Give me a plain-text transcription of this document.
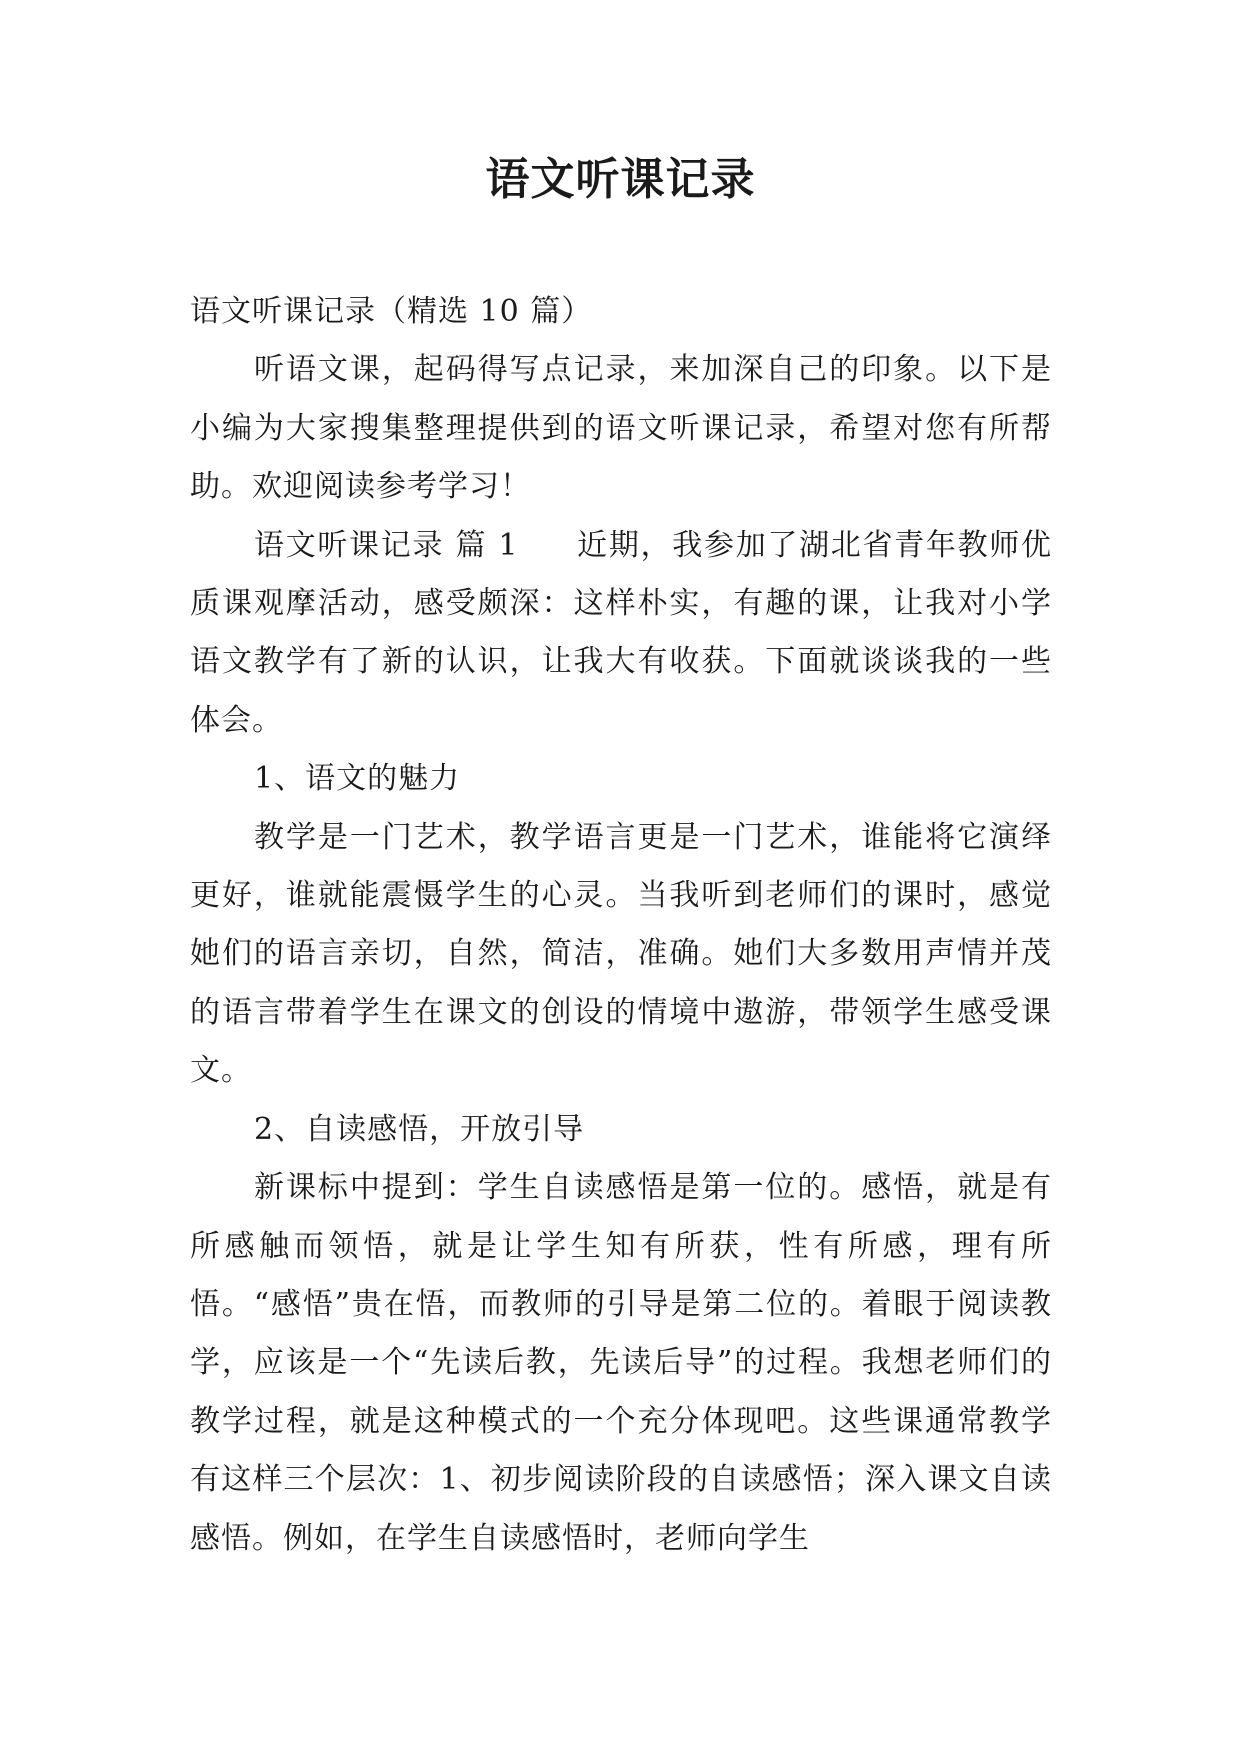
语文听课记录

语文听课记录（精选 10 篇）

听语文课，起码得写点记录，来加深自己的印象。以下是小编为大家搜集整理提供到的语文听课记录，希望对您有所帮助。欢迎阅读参考学习！

语文听课记录 篇 1 近期，我参加了湖北省青年教师优质课观摩活动，感受颇深：这样朴实，有趣的课，让我对小学语文教学有了新的认识，让我大有收获。下面就谈谈我的一些体会。

1、语文的魅力

教学是一门艺术，教学语言更是一门艺术，谁能将它演绎更好，谁就能震慑学生的心灵。当我听到老师们的课时，感觉她们的语言亲切，自然，简洁，准确。她们大多数用声情并茂的语言带着学生在课文的创设的情境中遨游，带领学生感受课文。

2、自读感悟，开放引导

新课标中提到：学生自读感悟是第一位的。感悟，就是有所感触而领悟，就是让学生知有所获，性有所感，理有所悟。“感悟”贵在悟，而教师的引导是第二位的。着眼于阅读教学，应该是一个“先读后教，先读后导”的过程。我想老师们的教学过程，就是这种模式的一个充分体现吧。这些课通常教学有这样三个层次：1、初步阅读阶段的自读感悟；深入课文自读感悟。例如，在学生自读感悟时，老师向学生
